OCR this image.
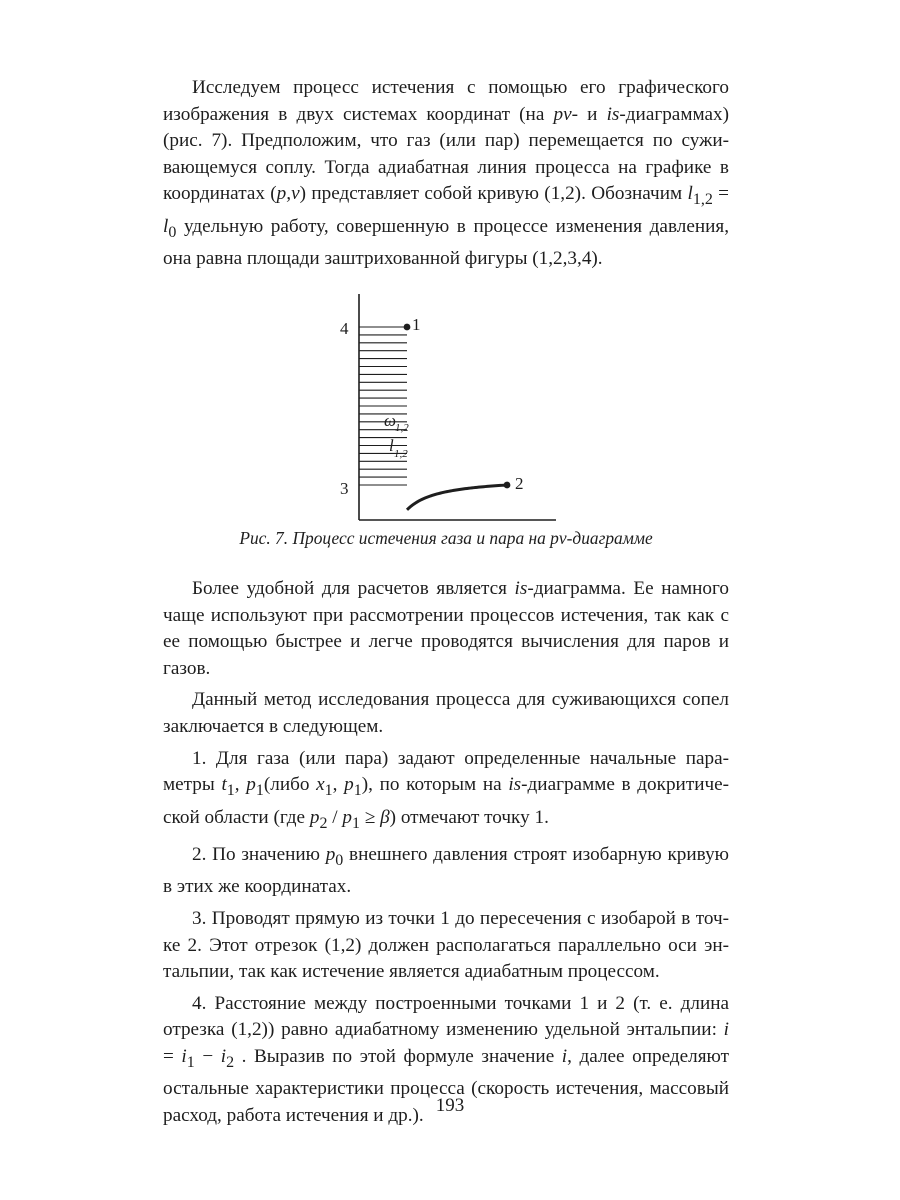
Исследуем процесс истечения с помощью его графического изображения в двух системах координат (на pv- и is-диаграммах) (рис. 7). Предположим, что газ (или пар) перемещается по суживающемуся соплу. Тогда адиабатная линия процесса на графике в координатах (p,v) представляет собой кривую (1,2). Обозначим $l_{1,2} = l_0$ удельную работу, совершенную в процессе изменения давления, она равна площади заштрихованной фигуры (1,2,3,4).

4
3
1
2
ω
1,2
l 1,2
Рис. 7. Процесс истечения газа и пара на pv-диаграмме

Более удобной для расчетов является is-диаграмма. Ее намного чаще используют при рассмотрении процессов истечения, так как с ее помощью быстрее и легче проводятся вычисления для паров и газов.

Данный метод исследования процесса для суживающихся сопел заключается в следующем.

1. Для газа (или пара) задают определенные начальные параметры $t_1$, $p_1(либо$ $x_1$, $p_1$), по которым на is-диаграмме в докритической области (где $p_2 / p_1 \ge \beta$) отмечают точку 1.

2. По значению $p_0$ внешнего давления строят изобарную кривую в этих же координатах.

3. Проводят прямую из точки 1 до пересечения с изобарой в точке 2. Этот отрезок (1,2) должен располагаться параллельно оси энтальпии, так как истечение является адиабатным процессом.

4. Расстояние между построенными точками 1 и 2 (т. е. длина отрезка (1,2)) равно адиабатному изменению удельной энтальпии: $i = i_1 - i_2$ . Выразив по этой формуле значение i, далее определяют остальные характеристики процесса (скорость истечения, массовый расход, работа истечения и др.). 193
